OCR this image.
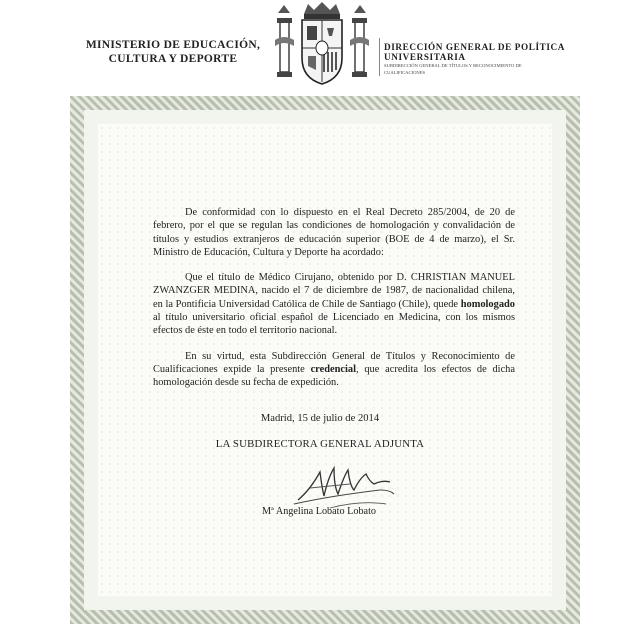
MINISTERIO DE EDUCACIÓN,
CULTURA Y DEPORTE
DIRECCIÓN GENERAL DE POLÍTICA
UNIVERSITARIA
SUBDIRECCIÓN GENERAL DE TÍTULOS Y RECONOCIMIENTO DE
CUALIFICACIONES

De conformidad con lo dispuesto en el Real Decreto 285/2004, de 20 de febrero, por el que se regulan las condiciones de homologación y convalidación de títulos y estudios extranjeros de educación superior (BOE de 4 de marzo), el Sr. Ministro de Educación, Cultura y Deporte ha acordado:

Que el título de Médico Cirujano, obtenido por D. CHRISTIAN MANUEL ZWANZGER MEDINA, nacido el 7 de diciembre de 1987, de nacionalidad chilena, en la Pontificia Universidad Católica de Chile de Santiago (Chile), quede homologado al título universitario oficial español de Licenciado en Medicina, con los mismos efectos de éste en todo el territorio nacional.

En su virtud, esta Subdirección General de Títulos y Reconocimiento de Cualificaciones expide la presente credencial, que acredita los efectos de dicha homologación desde su fecha de expedición.

Madrid, 15 de julio de 2014
LA SUBDIRECTORA GENERAL ADJUNTA
Mª Angelina Lobato Lobato
